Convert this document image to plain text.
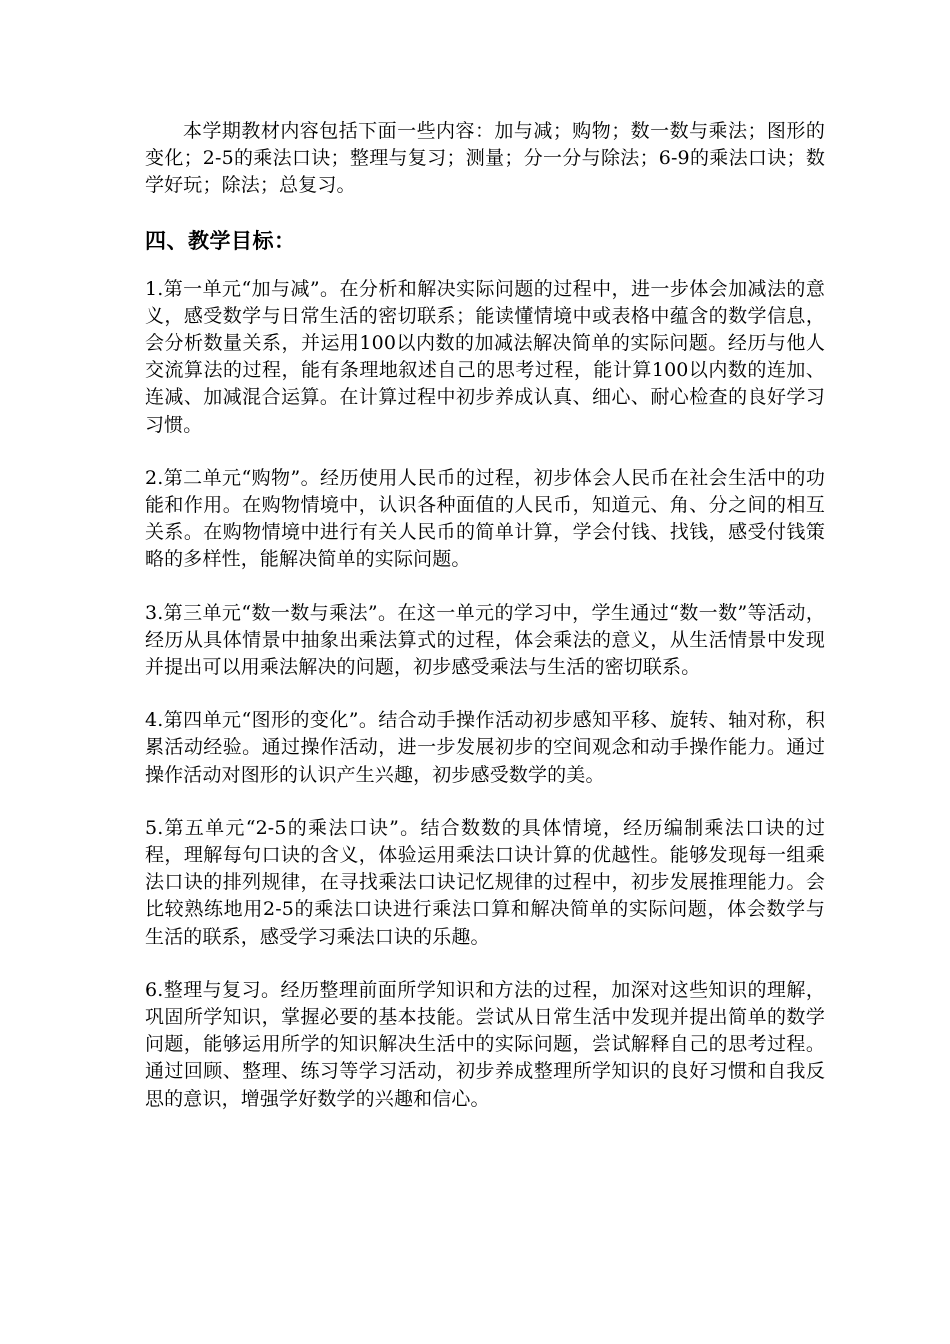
本学期教材内容包括下面一些内容：加与减；购物；数一数与乘法；图形的变化；2-5的乘法口诀；整理与复习；测量；分一分与除法；6-9的乘法口诀；数学好玩；除法；总复习。

四、教学目标：

1.第一单元“加与减”。在分析和解决实际问题的过程中，进一步体会加减法的意义，感受数学与日常生活的密切联系；能读懂情境中或表格中蕴含的数学信息，会分析数量关系，并运用100以内数的加减法解决简单的实际问题。经历与他人交流算法的过程，能有条理地叙述自己的思考过程，能计算100以内数的连加、连减、加减混合运算。在计算过程中初步养成认真、细心、耐心检查的良好学习习惯。

2.第二单元“购物”。经历使用人民币的过程，初步体会人民币在社会生活中的功能和作用。在购物情境中，认识各种面值的人民币，知道元、角、分之间的相互关系。在购物情境中进行有关人民币的简单计算，学会付钱、找钱，感受付钱策略的多样性，能解决简单的实际问题。

3.第三单元“数一数与乘法”。在这一单元的学习中，学生通过“数一数”等活动，经历从具体情景中抽象出乘法算式的过程，体会乘法的意义，从生活情景中发现并提出可以用乘法解决的问题，初步感受乘法与生活的密切联系。

4.第四单元“图形的变化”。结合动手操作活动初步感知平移、旋转、轴对称，积累活动经验。通过操作活动，进一步发展初步的空间观念和动手操作能力。通过操作活动对图形的认识产生兴趣，初步感受数学的美。

5.第五单元“2-5的乘法口诀”。结合数数的具体情境，经历编制乘法口诀的过程，理解每句口诀的含义，体验运用乘法口诀计算的优越性。能够发现每一组乘法口诀的排列规律，在寻找乘法口诀记忆规律的过程中，初步发展推理能力。会比较熟练地用2-5的乘法口诀进行乘法口算和解决简单的实际问题，体会数学与生活的联系，感受学习乘法口诀的乐趣。

6.整理与复习。经历整理前面所学知识和方法的过程，加深对这些知识的理解，巩固所学知识，掌握必要的基本技能。尝试从日常生活中发现并提出简单的数学问题，能够运用所学的知识解决生活中的实际问题，尝试解释自己的思考过程。通过回顾、整理、练习等学习活动，初步养成整理所学知识的良好习惯和自我反思的意识，增强学好数学的兴趣和信心。
